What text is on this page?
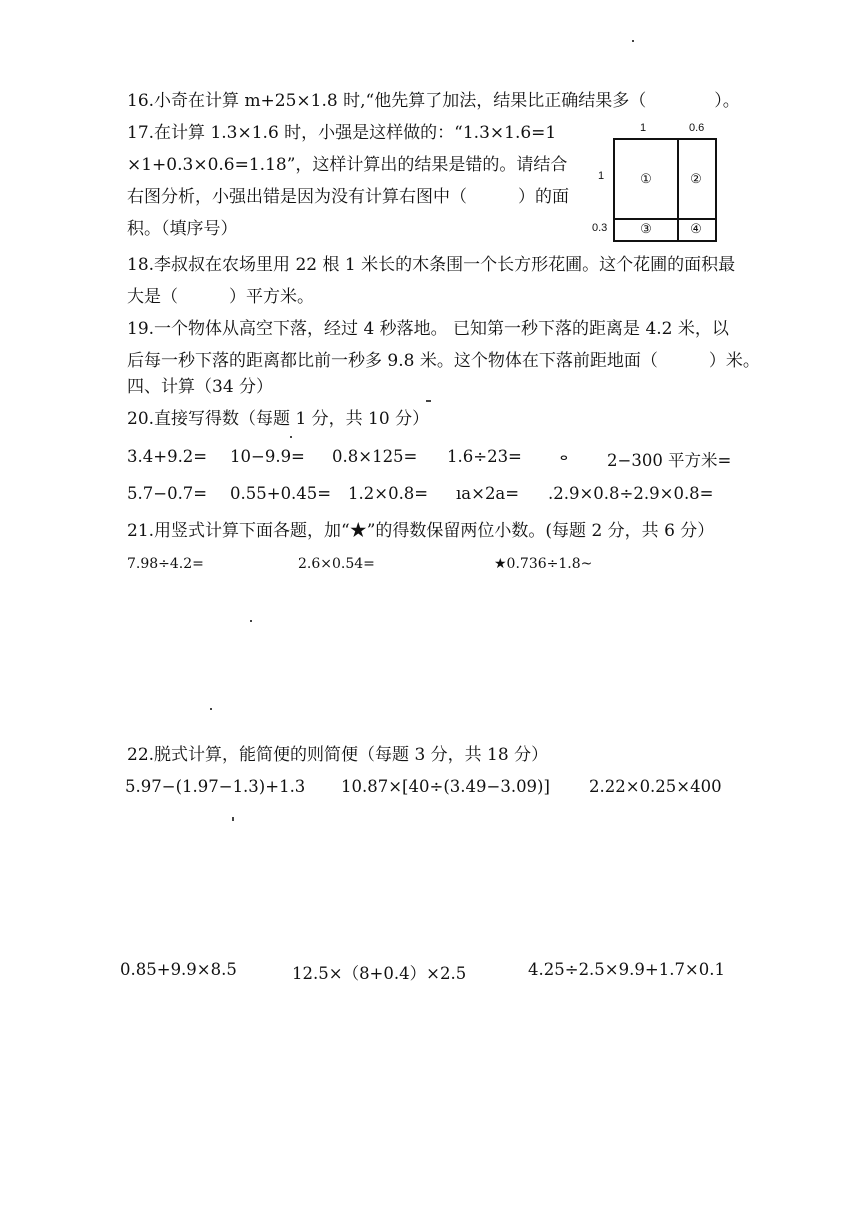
16.小奇在计算 m+25×1.8 时,“他先算了加法，结果比正确结果多（　　　　）。
17.在计算 1.3×1.6 时，小强是这样做的：“1.3×1.6=1
×1+0.3×0.6=1.18”，这样计算出的结果是错的。请结合
右图分析，小强出错是因为没有计算右图中（　　　）的面
积。（填序号）
1	0.6
1
0.3
①	②
③	④
18.李叔叔在农场里用 22 根 1 米长的木条围一个长方形花圃。这个花圃的面积最
大是（　　　）平方米。
19.一个物体从高空下落，经过 4 秒落地。 已知第一秒下落的距离是 4.2 米，以
后每一秒下落的距离都比前一秒多 9.8 米。这个物体在下落前距地面（　　　）米。
四、计算（34 分）
20.直接写得数（每题 1 分，共 10 分）
3.4+9.2= 10−9.9= 0.8×125= 1.6÷23=	ⴰ 2−300 平方米=
5.7−0.7= 0.55+0.45= 1.2×0.8= ıa×2a= .2.9×0.8÷2.9×0.8=
21.用竖式计算下面各题，加“★”的得数保留两位小数。(每题 2 分，共 6 分）
7.98÷4.2=	2.6×0.54=	★0.736÷1.8~
22.脱式计算，能简便的则简便（每题 3 分，共 18 分）
5.97−(1.97−1.3)+1.3 10.87×[40÷(3.49−3.09)] 2.22×0.25×400
0.85+9.9×8.5	12.5×（8+0.4）×2.5	4.25÷2.5×9.9+1.7×0.1
